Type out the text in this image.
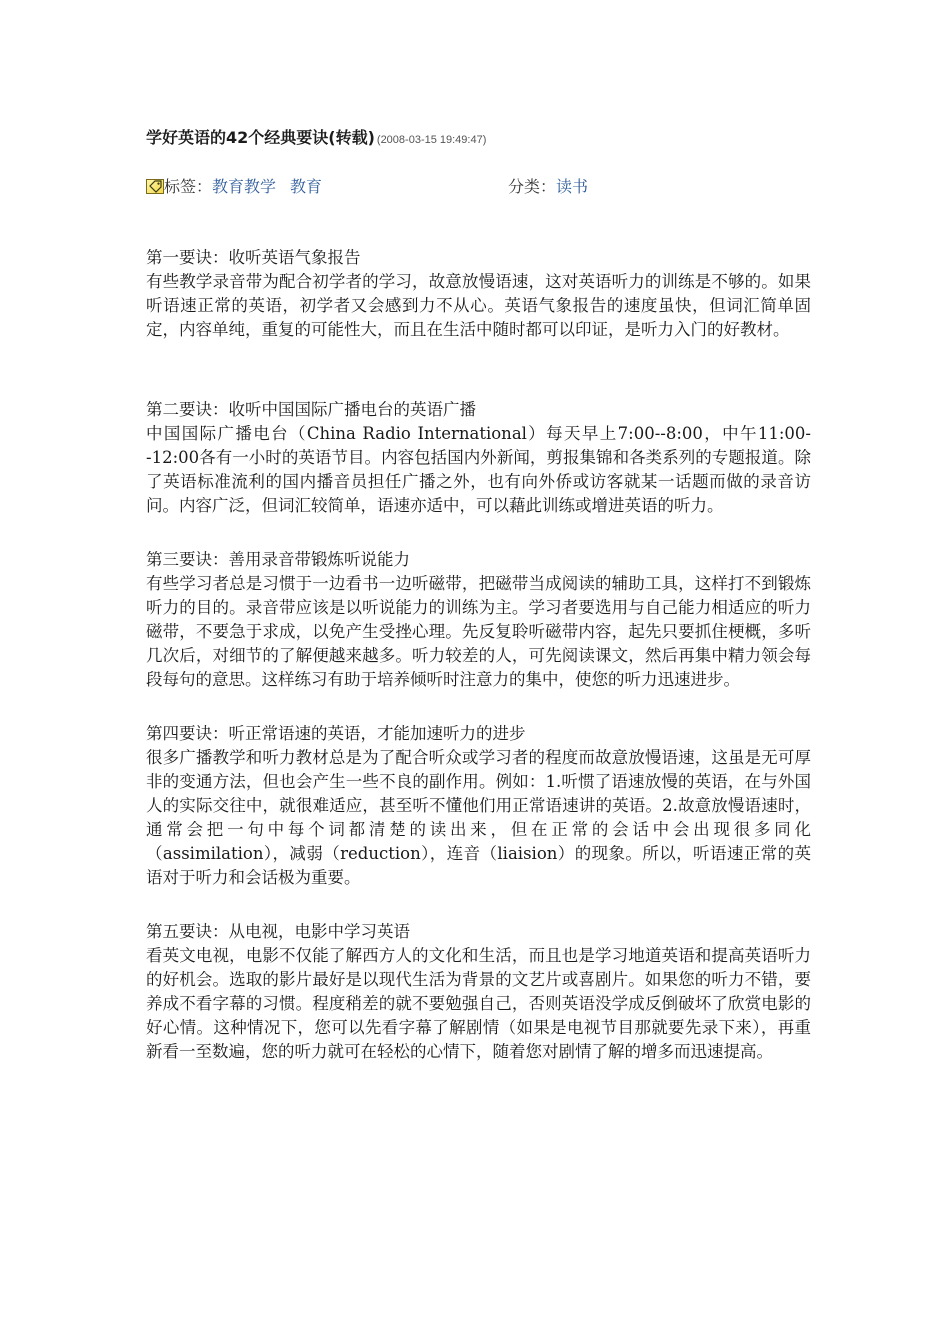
学好英语的42个经典要诀(转载) (2008-03-15 19:49:47)
标签：教育教学 教育	分类：读书

第一要诀：收听英语气象报告

有些教学录音带为配合初学者的学习，故意放慢语速，这对英语听力的训练是不够的。如果听语速正常的英语，初学者又会感到力不从心。英语气象报告的速度虽快，但词汇简单固定，内容单纯，重复的可能性大，而且在生活中随时都可以印证，是听力入门的好教材。

第二要诀：收听中国国际广播电台的英语广播

中国国际广播电台（China Radio International）每天早上7:00--8:00，中午11:00--12:00各有一小时的英语节目。内容包括国内外新闻，剪报集锦和各类系列的专题报道。除了英语标准流利的国内播音员担任广播之外，也有向外侨或访客就某一话题而做的录音访问。内容广泛，但词汇较简单，语速亦适中，可以藉此训练或增进英语的听力。

第三要诀：善用录音带锻炼听说能力

有些学习者总是习惯于一边看书一边听磁带，把磁带当成阅读的辅助工具，这样打不到锻炼听力的目的。录音带应该是以听说能力的训练为主。学习者要选用与自己能力相适应的听力磁带，不要急于求成，以免产生受挫心理。先反复聆听磁带内容，起先只要抓住梗概，多听几次后，对细节的了解便越来越多。听力较差的人，可先阅读课文，然后再集中精力领会每段每句的意思。这样练习有助于培养倾听时注意力的集中，使您的听力迅速进步。

第四要诀：听正常语速的英语，才能加速听力的进步

很多广播教学和听力教材总是为了配合听众或学习者的程度而故意放慢语速，这虽是无可厚非的变通方法，但也会产生一些不良的副作用。例如：1.听惯了语速放慢的英语，在与外国人的实际交往中，就很难适应，甚至听不懂他们用正常语速讲的英语。2.故意放慢语速时，通常会把一句中每个词都清楚的读出来，但在正常的会话中会出现很多同化（assimilation），减弱（reduction），连音（liaision）的现象。所以，听语速正常的英语对于听力和会话极为重要。

第五要诀：从电视，电影中学习英语

看英文电视，电影不仅能了解西方人的文化和生活，而且也是学习地道英语和提高英语听力的好机会。选取的影片最好是以现代生活为背景的文艺片或喜剧片。如果您的听力不错，要养成不看字幕的习惯。程度稍差的就不要勉强自己，否则英语没学成反倒破坏了欣赏电影的好心情。这种情况下，您可以先看字幕了解剧情（如果是电视节目那就要先录下来），再重新看一至数遍，您的听力就可在轻松的心情下，随着您对剧情了解的增多而迅速提高。
